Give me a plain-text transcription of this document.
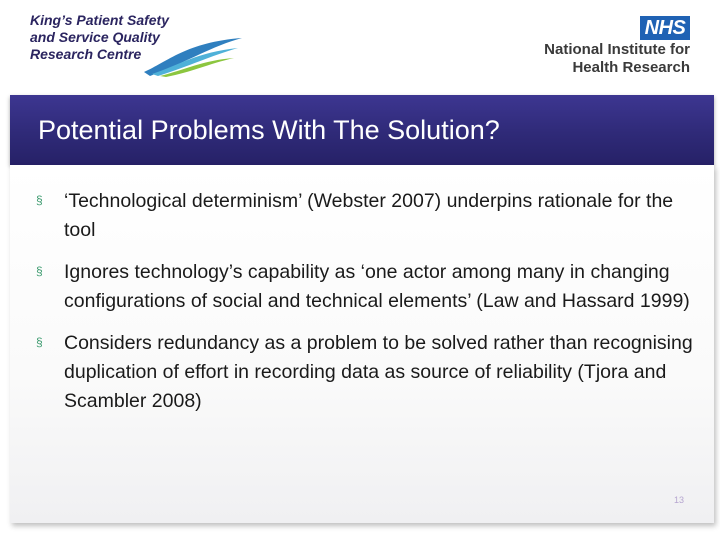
King’s Patient Safety
and Service Quality
Research Centre
NHS
National Institute for
Health Research
Potential Problems With The Solution?
§ ‘Technological determinism’ (Webster 2007) underpins rationale for the tool
§ Ignores technology’s capability as ‘one actor among many in changing configurations of social and technical elements’ (Law and Hassard 1999)
§ Considers redundancy as a problem to be solved rather than recognising duplication of effort in recording data as source of reliability (Tjora and Scambler 2008)
13
